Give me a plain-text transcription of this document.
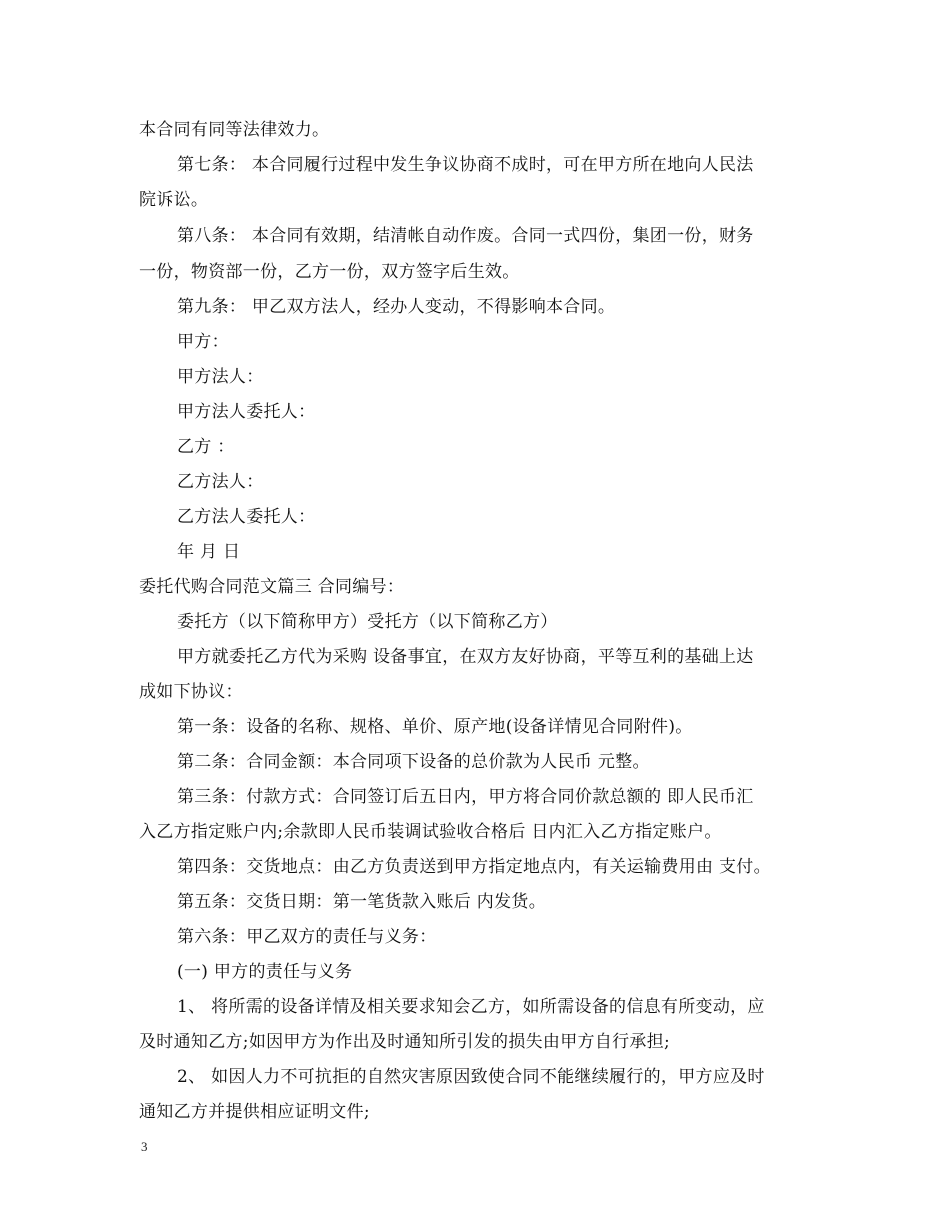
本合同有同等法律效力。
第七条： 本合同履行过程中发生争议协商不成时，可在甲方所在地向人民法
院诉讼。
第八条： 本合同有效期，结清帐自动作废。合同一式四份，集团一份，财务
一份，物资部一份，乙方一份，双方签字后生效。
第九条： 甲乙双方法人，经办人变动，不得影响本合同。
甲方：
甲方法人：
甲方法人委托人：
乙方 ：
乙方法人：
乙方法人委托人：
年 月 日
委托代购合同范文篇三 合同编号：
委托方（以下简称甲方）受托方（以下简称乙方）
甲方就委托乙方代为采购 设备事宜，在双方友好协商，平等互利的基础上达
成如下协议：
第一条：设备的名称、规格、单价、原产地(设备详情见合同附件)。
第二条：合同金额：本合同项下设备的总价款为人民币 元整。
第三条：付款方式：合同签订后五日内，甲方将合同价款总额的 即人民币汇
入乙方指定账户内;余款即人民币装调试验收合格后 日内汇入乙方指定账户。
第四条：交货地点：由乙方负责送到甲方指定地点内，有关运输费用由 支付。
第五条：交货日期：第一笔货款入账后 内发货。
第六条：甲乙双方的责任与义务：
(一) 甲方的责任与义务
1、 将所需的设备详情及相关要求知会乙方，如所需设备的信息有所变动，应
及时通知乙方;如因甲方为作出及时通知所引发的损失由甲方自行承担;
2、 如因人力不可抗拒的自然灾害原因致使合同不能继续履行的，甲方应及时
通知乙方并提供相应证明文件;
3
